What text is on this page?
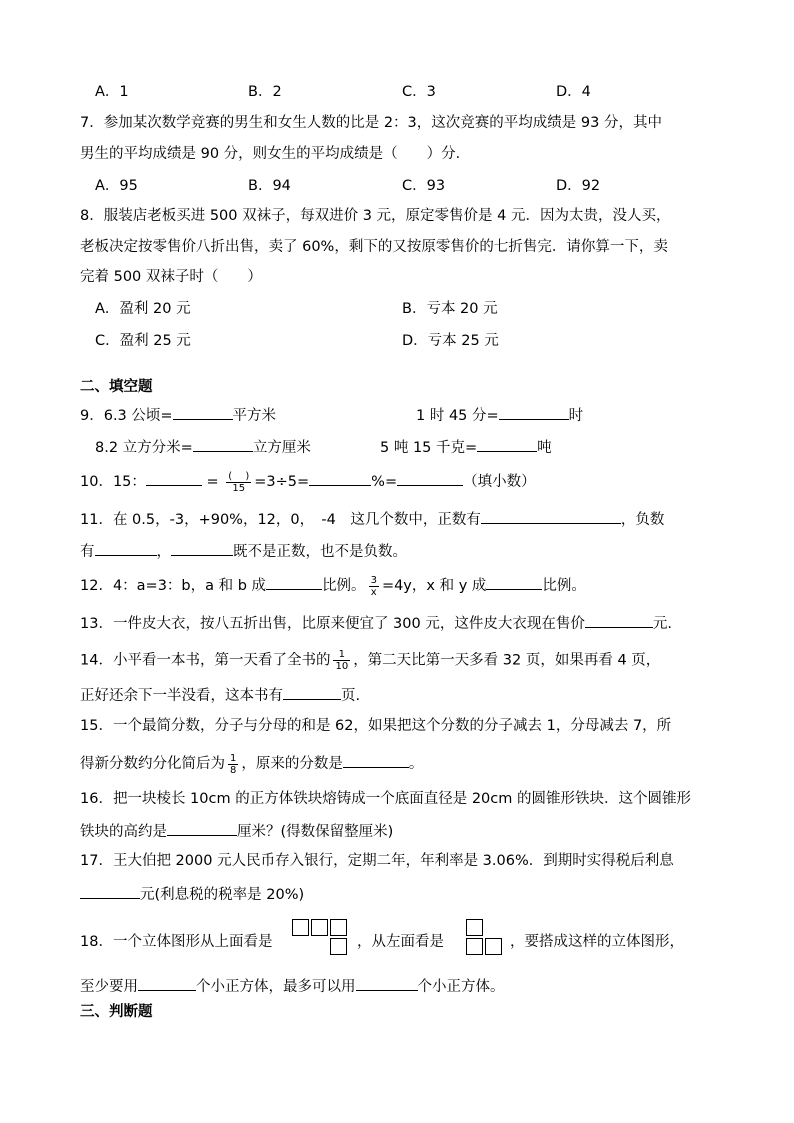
A．1	B．2	C．3	D．4
7．参加某次数学竞赛的男生和女生人数的比是 2：3，这次竞赛的平均成绩是 93 分，其中
男生的平均成绩是 90 分，则女生的平均成绩是（　　）分．
A．95	B．94	C．93	D．92
8．服装店老板买进 500 双袜子，每双进价 3 元，原定零售价是 4 元．因为太贵，没人买，
老板决定按零售价八折出售，卖了 60%，剩下的又按原零售价的七折售完．请你算一下，卖
完着 500 双袜子时（　　）
A．盈利 20 元	B．亏本 20 元
C．盈利 25 元	D．亏本 25 元
二、填空题
9．6.3 公顷=	平方米	1 时 45 分=	时
8.2 立方分米=	立方厘米	5 吨 15 千克=	吨
10．15：	= $\frac{( )}{15} =3\div 5=$	%=	（填小数）
11．在 0.5，-3，+90%，12，0，　-4　这几个数中，正数有	，负数
有	，	既不是正数，也不是负数。
12．4：a=3：b，a 和 b 成	比例。 $\frac{3}{x} =4y$，x 和 y 成	比例。
13．一件皮大衣，按八五折出售，比原来便宜了 300 元，这件皮大衣现在售价	元.
14．小平看一本书，第一天看了全书的 $\frac{1}{10}$ ，第二天比第一天多看 32 页，如果再看 4 页，
正好还余下一半没看，这本书有	页.
15．一个最简分数，分子与分母的和是 62，如果把这个分数的分子减去 1，分母减去 7，所
得新分数约分化简后为 $\frac{1}{8}$ ，原来的分数是	。
16．把一块棱长 10cm 的正方体铁块熔铸成一个底面直径是 20cm 的圆锥形铁块．这个圆锥形
铁块的高约是	厘米？(得数保留整厘米)
17．王大伯把 2000 元人民币存入银行，定期二年，年利率是 3.06%．到期时实得税后利息
元(利息税的税率是 20%)
18．一个立体图形从上面看是	，从左面看是	，要搭成这样的立体图形，
至少要用	个小正方体，最多可以用	个小正方体。
三、判断题
